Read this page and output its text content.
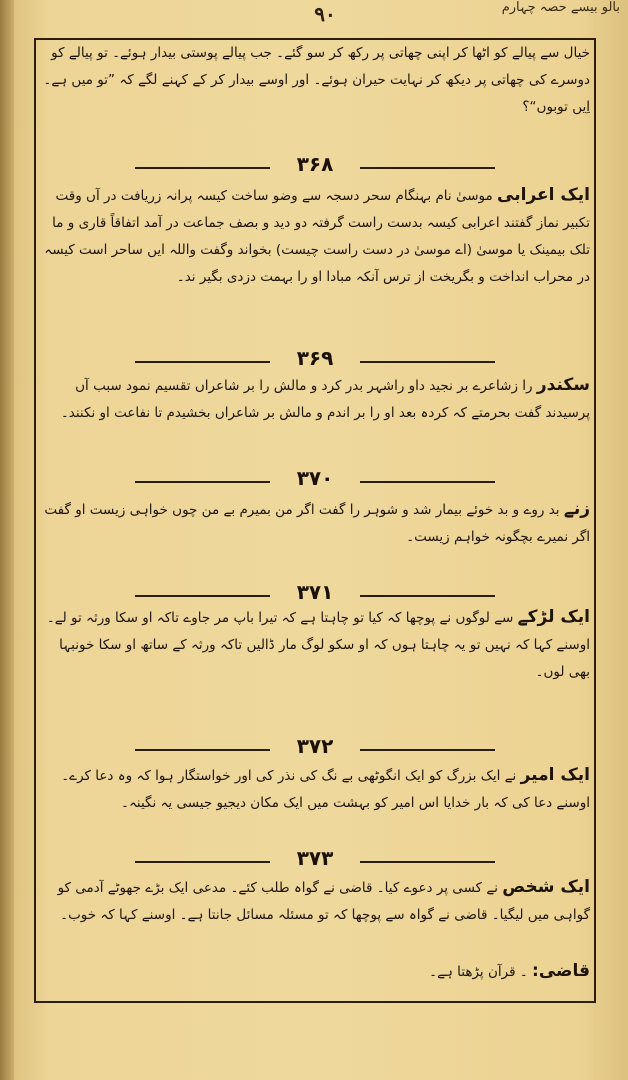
بالو بیسے حصہ چہارم
۹۰
خیال سے پیالے کو اٹھا کر اپنی چھاتی پر رکھ کر سو گئے۔ جب پیالے پوستی بیدار ہوئے۔ تو پیالے کو دوسرے کی چھاتی پر دیکھ کر نہایت حیران ہوئے۔ اور اوسے بیدار کر کے کہنے لگے کہ ”تو میں ہے۔ اِیں توبوں“؟
۳۶۸
ایک اعرابی موسیٰ نام بہنگام سحر دسجہ سے وضو ساخت کیسہ پرانہ زریافت در آں وقت تکبیر نماز گفتند اعرابی کیسہ بدست راست گرفتہ دو دید و بصف جماعت در آمد اتفاقاً قاری و ما تلک بیمینک یا موسیٰ (اے موسیٰ در دست راست چیست) بخواند وگفت واللہ ایں ساحر است کیسہ در محراب انداخت و بگریخت از ترس آنکہ مبادا او را بہمت دزدی بگیر ند۔
۳۶۹
سکندر را زشاعرے بر نجید داو راشہر بدر کرد و مالش را بر شاعراں تقسیم نمود سبب آں پرسیدند گفت بحرمتے کہ کردہ بعد او را بر اندم و مالش بر شاعراں بخشیدم تا نفاعت او نکنند۔
۳۷۰
زنے بد روے و بد خوئے بیمار شد و شوہر را گفت اگر من بمیرم بے من چوں خواہی زیست او گفت اگر نمیرے بچگونہ خواہم زیست۔
۳۷۱
ایک لڑکے سے لوگوں نے پوچھا کہ کیا تو چاہتا ہے کہ تیرا باپ مر جاوے تاکہ او سکا ورثہ تو لے۔ اوسنے کہا کہ نہیں تو یہ چاہتا ہوں کہ او سکو لوگ مار ڈالیں تاکہ ورثہ کے ساتھ او سکا خونبہا بھی لوں۔
۳۷۲
ایک امیر نے ایک بزرگ کو ایک انگوٹھی بے نگ کی نذر کی اور خواستگار ہوا کہ وہ دعا کرے۔ اوسنے دعا کی کہ بار خدایا اس امیر کو بہشت میں ایک مکان دیجیو جیسی یہ نگینہ۔
۳۷۳
ایک شخص نے کسی پر دعوے کیا۔ قاضی نے گواہ طلب کئے۔ مدعی ایک بڑے جھوٹے آدمی کو گواہی میں لیگیا۔ قاضی نے گواہ سے پوچھا کہ تو مسئلہ مسائل جانتا ہے۔ اوسنے کہا کہ خوب۔
قاضی: ۔ قرآن پڑھتا ہے۔
